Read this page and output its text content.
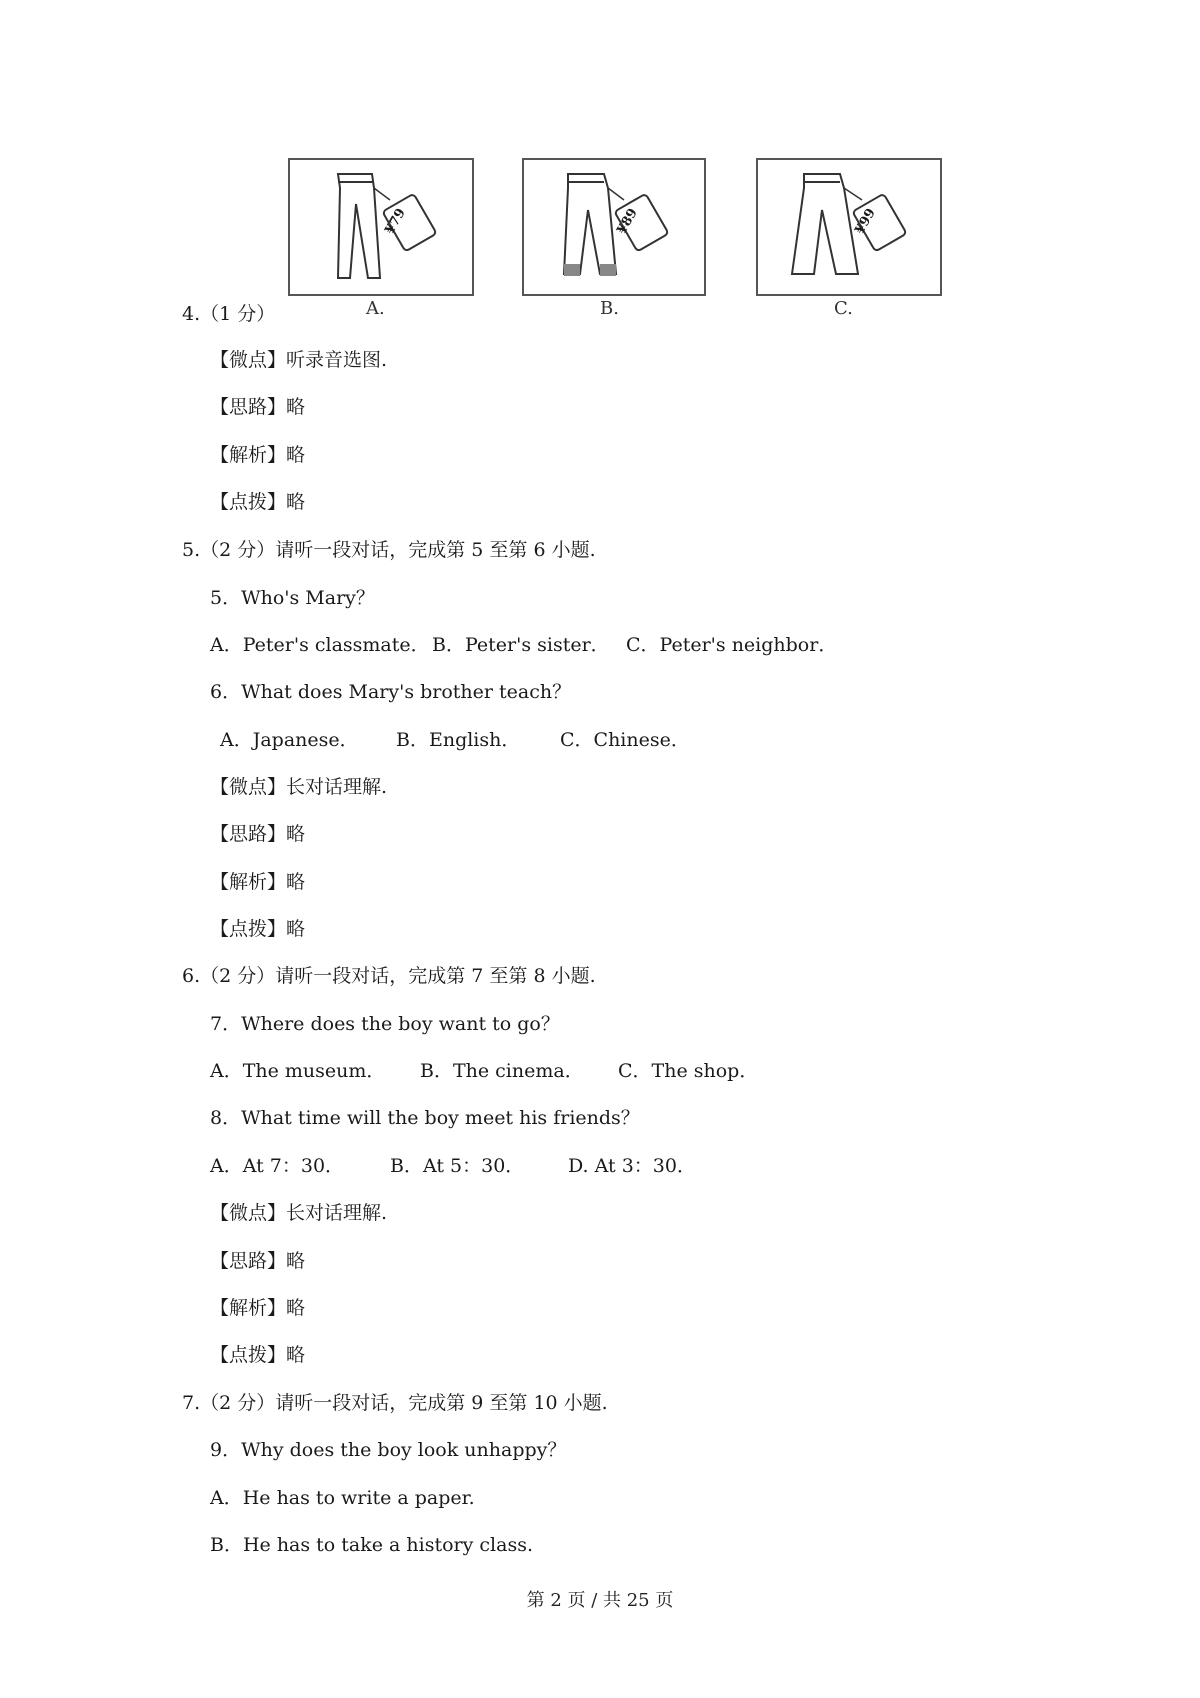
¥79
A.
¥89
B.
¥99
C.
4.（1 分）
【微点】听录音选图.
【思路】略
【解析】略
【点拨】略
5.（2 分）请听一段对话，完成第 5 至第 6 小题.
5．Who's Mary？
A．Peter's classmate． B．Peter's sister． C．Peter's neighbor．
6．What does Mary's brother teach？
A．Japanese． B．English． C．Chinese．
【微点】长对话理解.
【思路】略
【解析】略
【点拨】略
6.（2 分）请听一段对话，完成第 7 至第 8 小题.
7．Where does the boy want to go？
A．The museum． B．The cinema． C．The shop．
8．What time will the boy meet his friends？
A．At 7：30． B．At 5：30． D. At 3：30．
【微点】长对话理解.
【思路】略
【解析】略
【点拨】略
7.（2 分）请听一段对话，完成第 9 至第 10 小题.
9．Why does the boy look unhappy？
A．He has to write a paper.
B．He has to take a history class.
第 2 页 / 共 25 页
